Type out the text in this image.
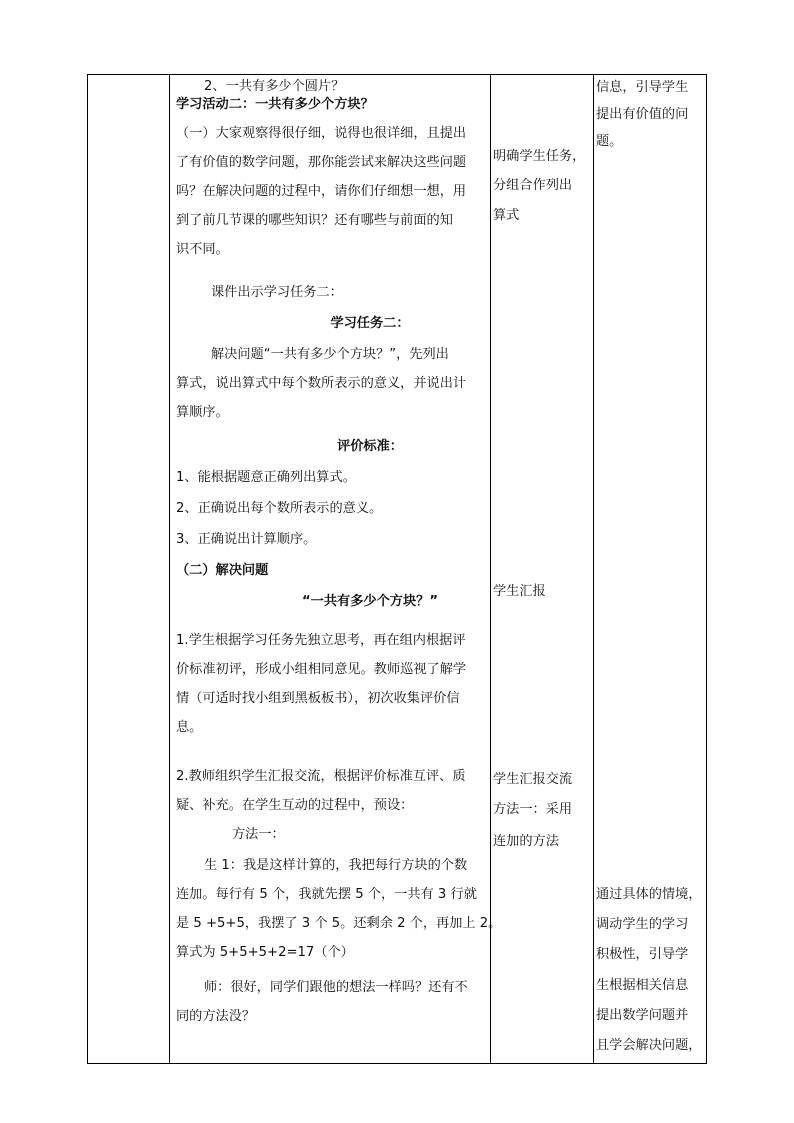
2、一共有多少个圆片？
学习活动二：一共有多少个方块？
（一）大家观察得很仔细，说得也很详细，且提出
了有价值的数学问题，那你能尝试来解决这些问题
吗？在解决问题的过程中，请你们仔细想一想，用
到了前几节课的哪些知识？还有哪些与前面的知
识不同。
课件出示学习任务二：
学习任务二：
解决问题“一共有多少个方块？”，先列出
算式，说出算式中每个数所表示的意义，并说出计
算顺序。
评价标准：
1、能根据题意正确列出算式。
2、正确说出每个数所表示的意义。
3、正确说出计算顺序。
（二）解决问题
“一共有多少个方块？”
1.学生根据学习任务先独立思考，再在组内根据评
价标准初评，形成小组相同意见。教师巡视了解学
情（可适时找小组到黑板板书），初次收集评价信
息。
2.教师组织学生汇报交流，根据评价标准互评、质
疑、补充。在学生互动的过程中，预设：
方法一：
生 1：我是这样计算的，我把每行方块的个数
连加。每行有 5 个，我就先摆 5 个，一共有 3 行就
是 5 +5+5，我摆了 3 个 5。还剩余 2 个，再加上 2。
算式为 5+5+5+2=17（个）
师：很好，同学们跟他的想法一样吗？还有不
同的方法没？
明确学生任务，
分组合作列出
算式
学生汇报
学生汇报交流
方法一：采用
连加的方法
信息，引导学生
提出有价值的问
题。
通过具体的情境，
调动学生的学习
积极性，引导学
生根据相关信息
提出数学问题并
且学会解决问题，
